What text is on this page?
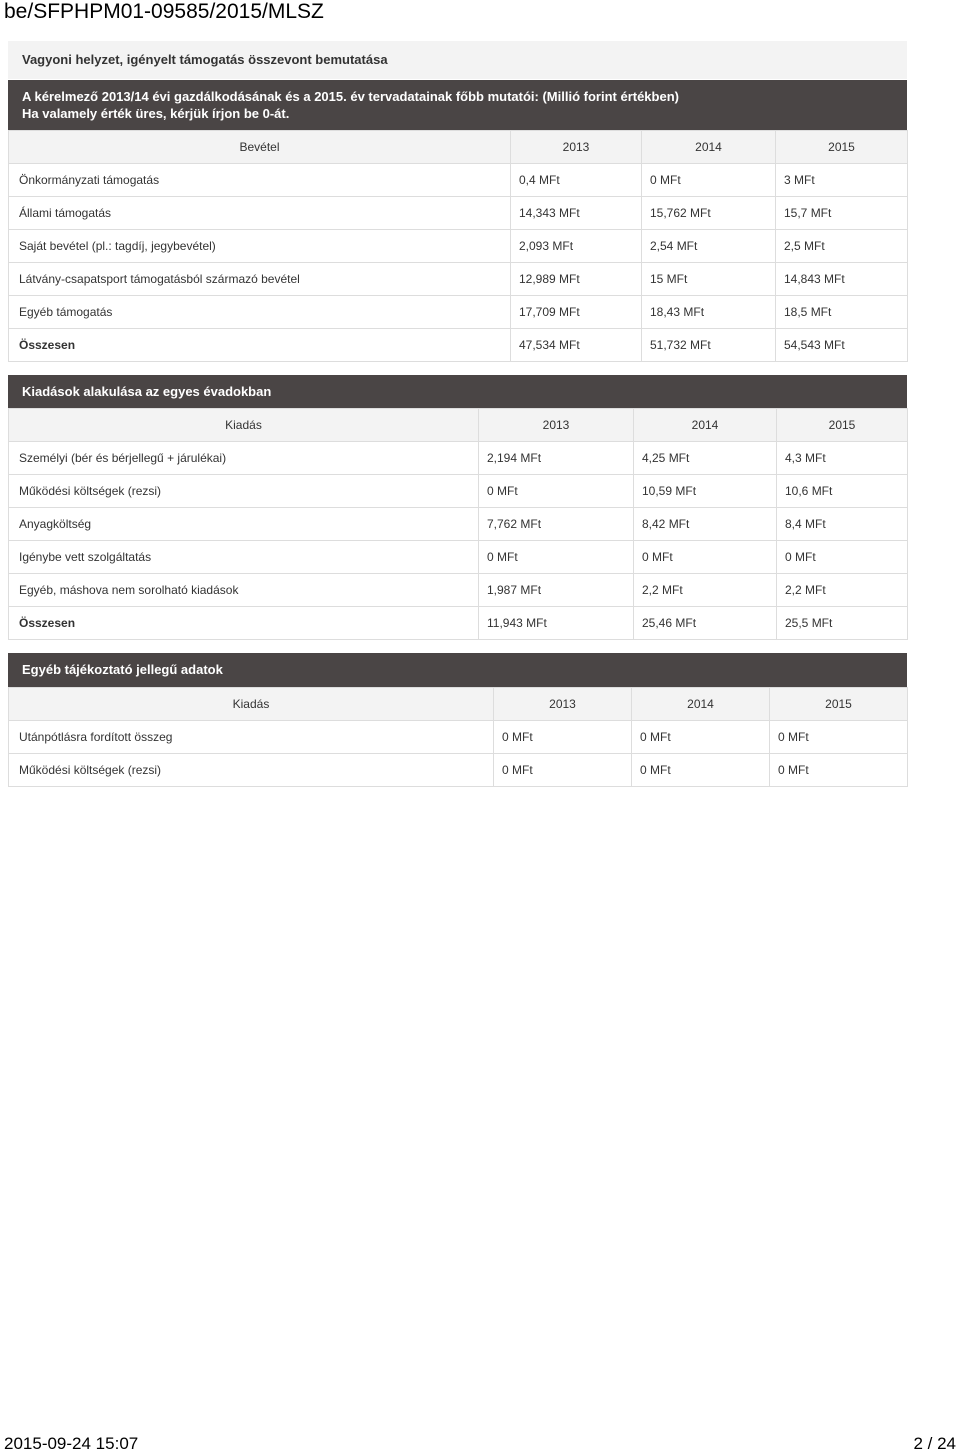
be/SFPHPM01-09585/2015/MLSZ
Vagyoni helyzet, igényelt támogatás összevont bemutatása
A kérelmező 2013/14 évi gazdálkodásának és a 2015. év tervadatainak főbb mutatói: (Millió forint értékben)
Ha valamely érték üres, kérjük írjon be 0-át.
Bevétel	2013	2014	2015
Önkormányzati támogatás	0,4 MFt	0 MFt	3 MFt
Állami támogatás	14,343 MFt	15,762 MFt	15,7 MFt
Saját bevétel (pl.: tagdíj, jegybevétel)	2,093 MFt	2,54 MFt	2,5 MFt
Látvány-csapatsport támogatásból származó bevétel	12,989 MFt	15 MFt	14,843 MFt
Egyéb támogatás	17,709 MFt	18,43 MFt	18,5 MFt
Összesen	47,534 MFt	51,732 MFt	54,543 MFt
Kiadások alakulása az egyes évadokban
Kiadás	2013	2014	2015
Személyi (bér és bérjellegű + járulékai)	2,194 MFt	4,25 MFt	4,3 MFt
Működési költségek (rezsi)	0 MFt	10,59 MFt	10,6 MFt
Anyagköltség	7,762 MFt	8,42 MFt	8,4 MFt
Igénybe vett szolgáltatás	0 MFt	0 MFt	0 MFt
Egyéb, máshova nem sorolható kiadások	1,987 MFt	2,2 MFt	2,2 MFt
Összesen	11,943 MFt	25,46 MFt	25,5 MFt
Egyéb tájékoztató jellegű adatok
Kiadás	2013	2014	2015
Utánpótlásra fordított összeg	0 MFt	0 MFt	0 MFt
Működési költségek (rezsi)	0 MFt	0 MFt	0 MFt
2015-09-24 15:07	2 / 24
